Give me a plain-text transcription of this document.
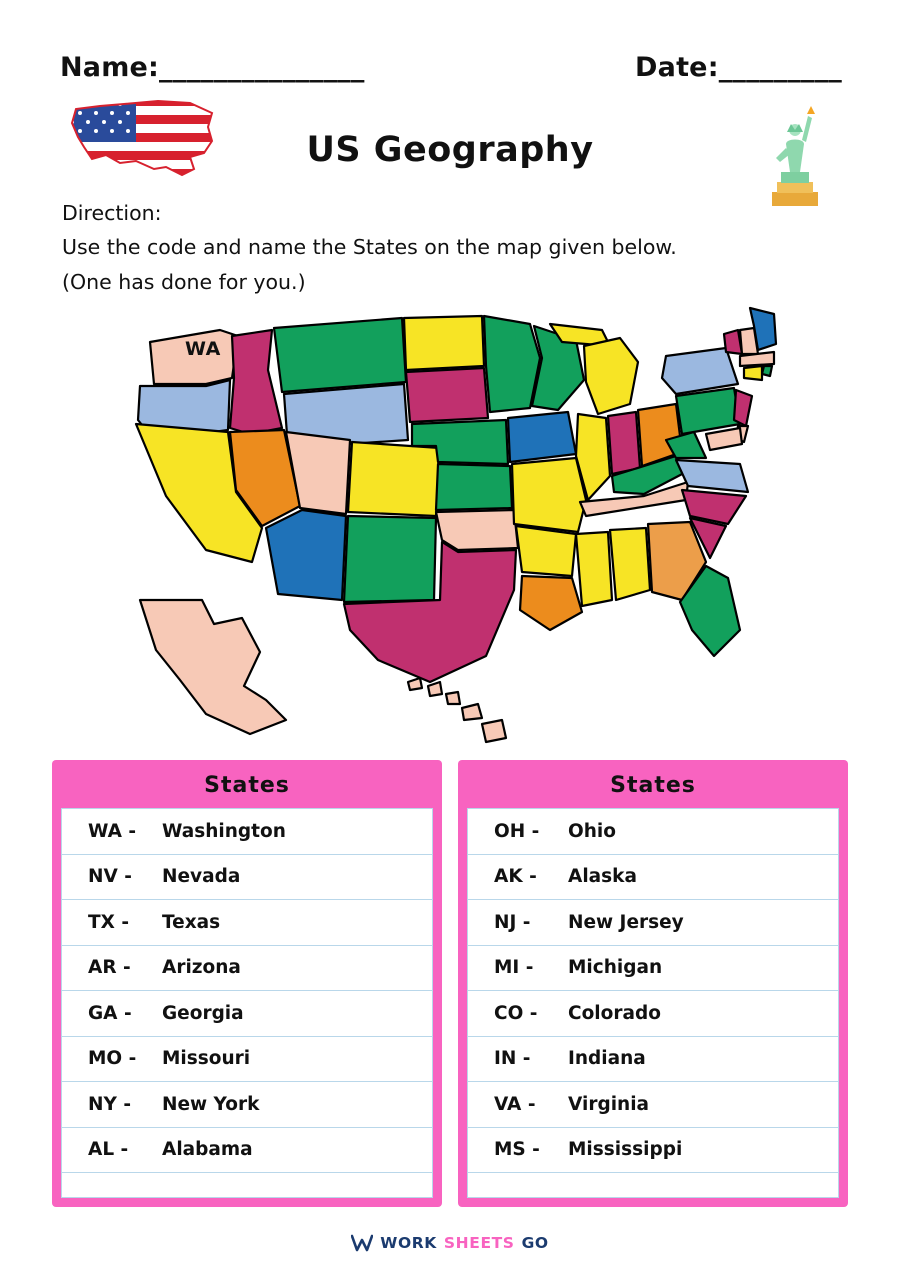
Name:_______________	Date:_________
US Geography
Direction:
Use the code and name the States on the map given below.
(One has done for you.)
WA
States
WA -	Washington
NV -	Nevada
TX -	Texas
AR -	Arizona
GA -	Georgia
MO -	Missouri
NY -	New York
AL -	Alabama
States
OH -	Ohio
AK -	Alaska
NJ -	New Jersey
MI -	Michigan
CO -	Colorado
IN -	Indiana
VA -	Virginia
MS -	Mississippi
WORK SHEETS GO
